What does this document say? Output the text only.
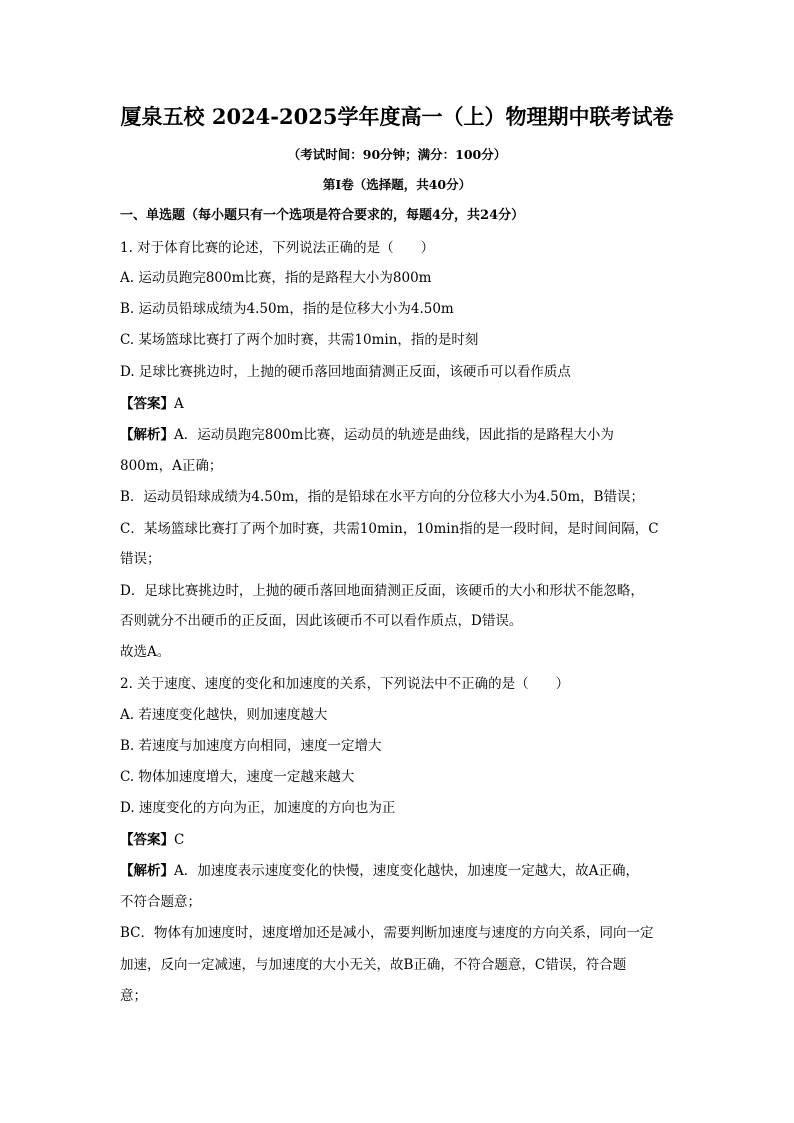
厦泉五校 2024-2025学年度高一（上）物理期中联考试卷
（考试时间：90分钟；满分：100分）
第Ⅰ卷（选择题，共40分）
一、单选题（每小题只有一个选项是符合要求的，每题4分，共24分）
1. 对于体育比赛的论述，下列说法正确的是（　　）
A. 运动员跑完800m比赛，指的是路程大小为800m
B. 运动员铅球成绩为4.50m，指的是位移大小为4.50m
C. 某场篮球比赛打了两个加时赛，共需10min，指的是时刻
D. 足球比赛挑边时，上抛的硬币落回地面猜测正反面，该硬币可以看作质点
【答案】A
【解析】A．运动员跑完800m比赛，运动员的轨迹是曲线，因此指的是路程大小为
800m，A正确；
B．运动员铅球成绩为4.50m，指的是铅球在水平方向的分位移大小为4.50m，B错误；
C．某场篮球比赛打了两个加时赛，共需10min，10min指的是一段时间，是时间间隔，C
错误；
D．足球比赛挑边时，上抛的硬币落回地面猜测正反面，该硬币的大小和形状不能忽略，
否则就分不出硬币的正反面，因此该硬币不可以看作质点，D错误。
故选A。
2. 关于速度、速度的变化和加速度的关系，下列说法中不正确的是（　　）
A. 若速度变化越快，则加速度越大
B. 若速度与加速度方向相同，速度一定增大
C. 物体加速度增大，速度一定越来越大
D. 速度变化的方向为正，加速度的方向也为正
【答案】C
【解析】A．加速度表示速度变化的快慢，速度变化越快，加速度一定越大，故A正确，
不符合题意；
BC．物体有加速度时，速度增加还是减小，需要判断加速度与速度的方向关系，同向一定
加速，反向一定减速，与加速度的大小无关，故B正确，不符合题意，C错误，符合题
意；
